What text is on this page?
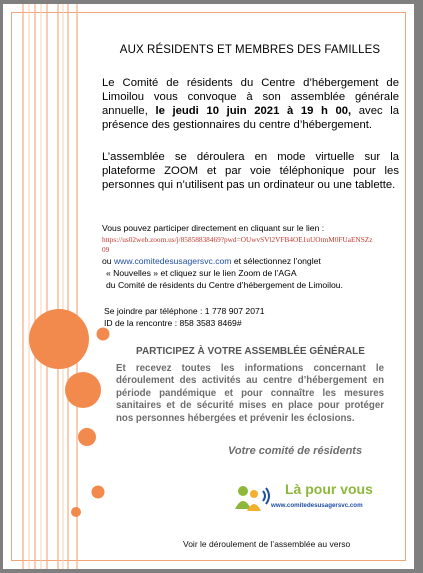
AUX RÉSIDENTS ET MEMBRES DES FAMILLES
Le Comité de résidents du Centre d’hébergement de Limoilou vous convoque à son assemblée générale annuelle, le jeudi 10 juin 2021 à 19 h 00, avec la présence des gestionnaires du centre d’hébergement.
L’assemblée se déroulera en mode virtuelle sur la plateforme ZOOM et par voie téléphonique pour les personnes qui n’utilisent pas un ordinateur ou une tablette.
Vous pouvez participer directement en cliquant sur le lien :
https://us02web.zoom.us/j/85858838469?pwd=OUwvSVl2VFB4OE1uUOtmM0FUaENSZz
09
ou www.comitedesusagersvc.com et sélectionnez l’onglet
« Nouvelles » et cliquez sur le lien Zoom de l’AGA
du Comité de résidents du Centre d’hébergement de Limoilou.
Se joindre par téléphone : 1 778 907 2071
ID de la rencontre : 858 3583 8469#
PARTICIPEZ À VOTRE ASSEMBLÉE GÉNÉRALE
Et recevez toutes les informations concernant le déroulement des activités au centre d’hébergement en période pandémique et pour connaître les mesures sanitaires et de sécurité mises en place pour protéger nos personnes hébergées et prévenir les éclosions.
Votre comité de résidents
Là pour vous
www.comitedesusagersvc.com
Voir le déroulement de l’assemblée au verso
